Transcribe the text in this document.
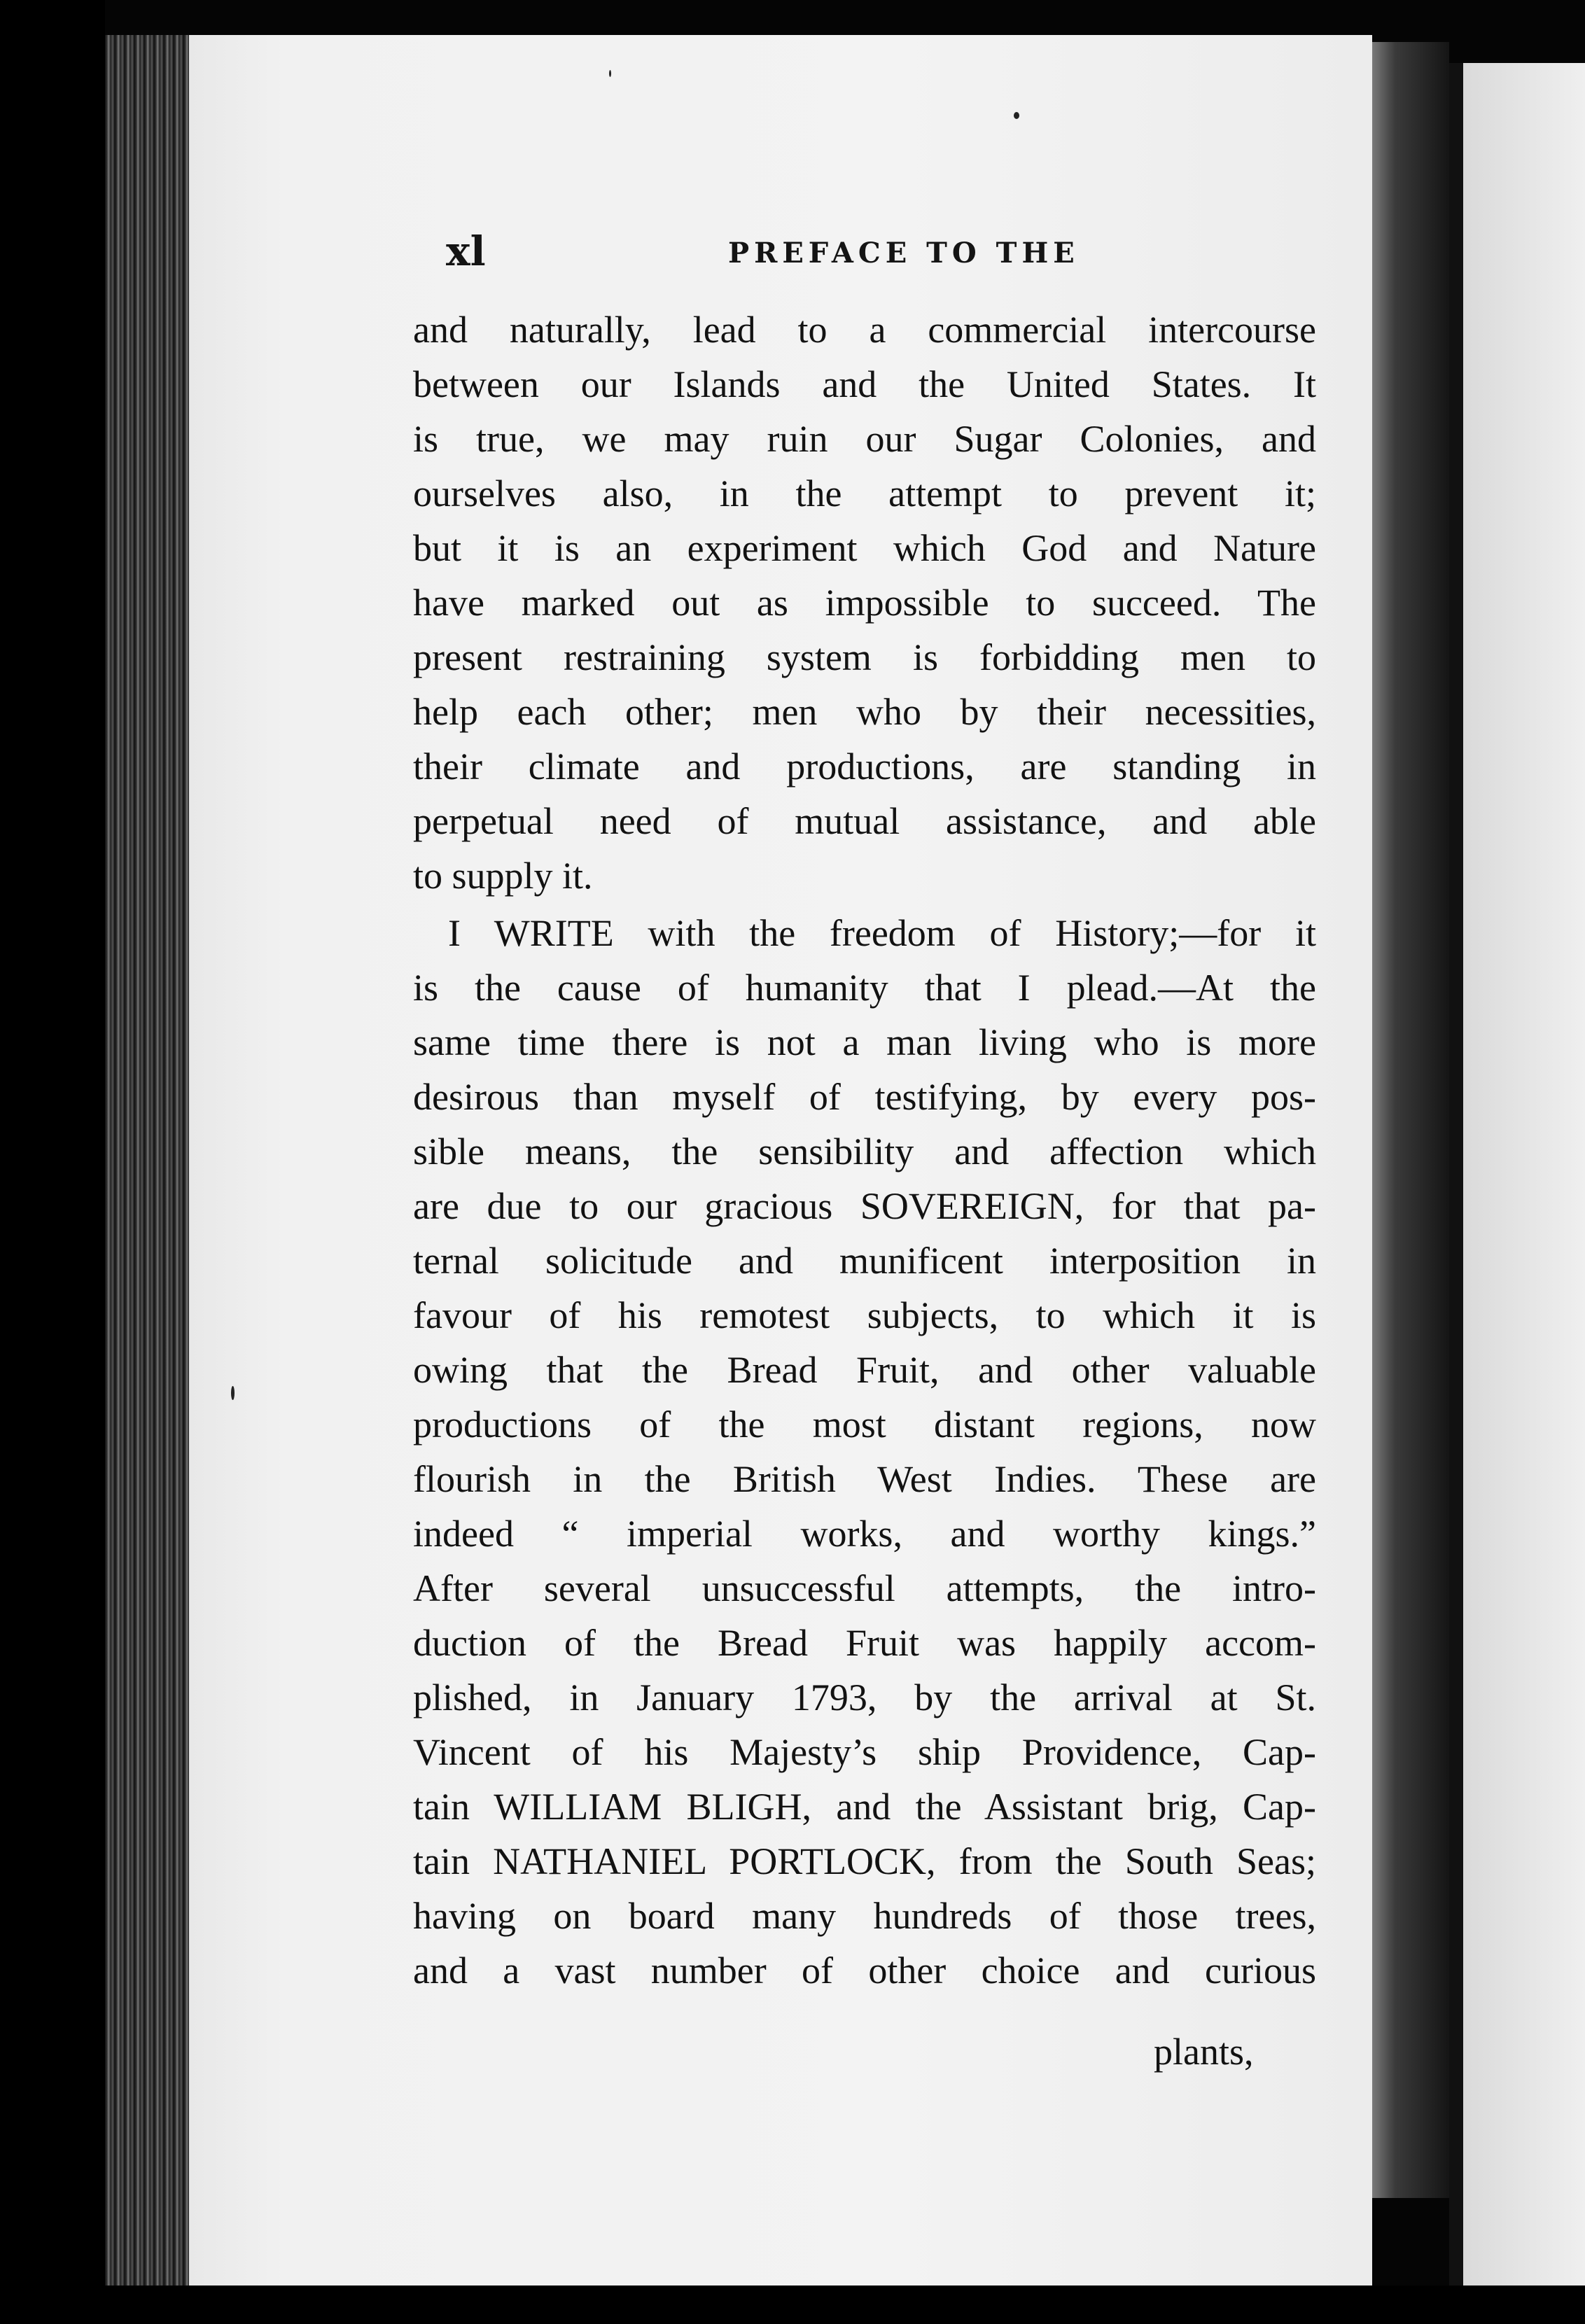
xl	PREFACE TO THE
and naturally, lead to a commercial intercourse
between our Islands and the United States. It
is true, we may ruin our Sugar Colonies, and
ourselves also, in the attempt to prevent it;
but it is an experiment which God and Nature
have marked out as impossible to succeed. The
present restraining system is forbidding men to
help each other; men who by their necessities,
their climate and productions, are standing in
perpetual need of mutual assistance, and able
to supply it.
I WRITE with the freedom of History;—for it
is the cause of humanity that I plead.—At the
same time there is not a man living who is more
desirous than myself of testifying, by every pos-
sible means, the sensibility and affection which
are due to our gracious SOVEREIGN, for that pa-
ternal solicitude and munificent interposition in
favour of his remotest subjects, to which it is
owing that the Bread Fruit, and other valuable
productions of the most distant regions, now
flourish in the British West Indies. These are
indeed “ imperial works, and worthy kings.”
After several unsuccessful attempts, the intro-
duction of the Bread Fruit was happily accom-
plished, in January 1793, by the arrival at St.
Vincent of his Majesty’s ship Providence, Cap-
tain WILLIAM BLIGH, and the Assistant brig, Cap-
tain NATHANIEL PORTLOCK, from the South Seas;
having on board many hundreds of those trees,
and a vast number of other choice and curious
plants,
